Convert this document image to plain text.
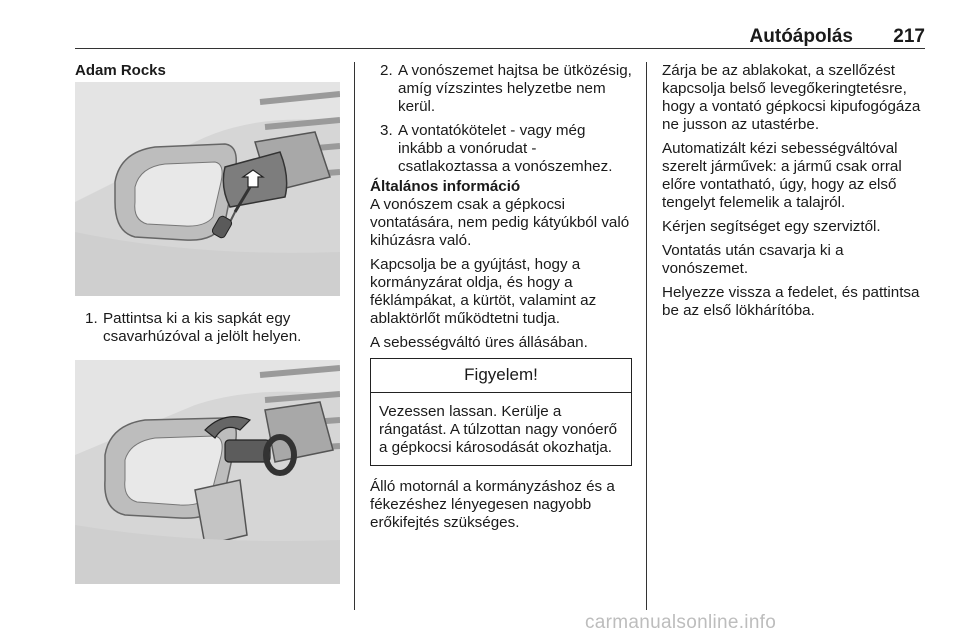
Autóápolás 217
Adam Rocks
1. Pattintsa ki a kis sapkát egy csavarhúzóval a jelölt helyen.
2. A vonószemet hajtsa be ütközésig, amíg vízszintes helyzetbe nem kerül.
3. A vontatókötelet - vagy még inkább a vonórudat - csatlakoztassa a vonószemhez.
Általános információ

A vonószem csak a gépkocsi vontatására, nem pedig kátyúkból való kihúzásra való.

Kapcsolja be a gyújtást, hogy a kormányzárat oldja, és hogy a féklámpákat, a kürtöt, valamint az ablaktörlőt működtetni tudja.

A sebességváltó üres állásában.

Figyelem!
Vezessen lassan. Kerülje a rángatást. A túlzottan nagy vonóerő a gépkocsi károsodását okozhatja.

Álló motornál a kormányzáshoz és a fékezéshez lényegesen nagyobb erőkifejtés szükséges.

Zárja be az ablakokat, a szellőzést kapcsolja belső levegőkeringtetésre, hogy a vontató gépkocsi kipufogógáza ne jusson az utastérbe.

Automatizált kézi sebességváltóval szerelt járművek: a jármű csak orral előre vontatható, úgy, hogy az első tengelyt felemelik a talajról.

Kérjen segítséget egy szerviztől.

Vontatás után csavarja ki a vonószemet.

Helyezze vissza a fedelet, és pattintsa be az első lökhárítóba.

carmanualsonline.info
